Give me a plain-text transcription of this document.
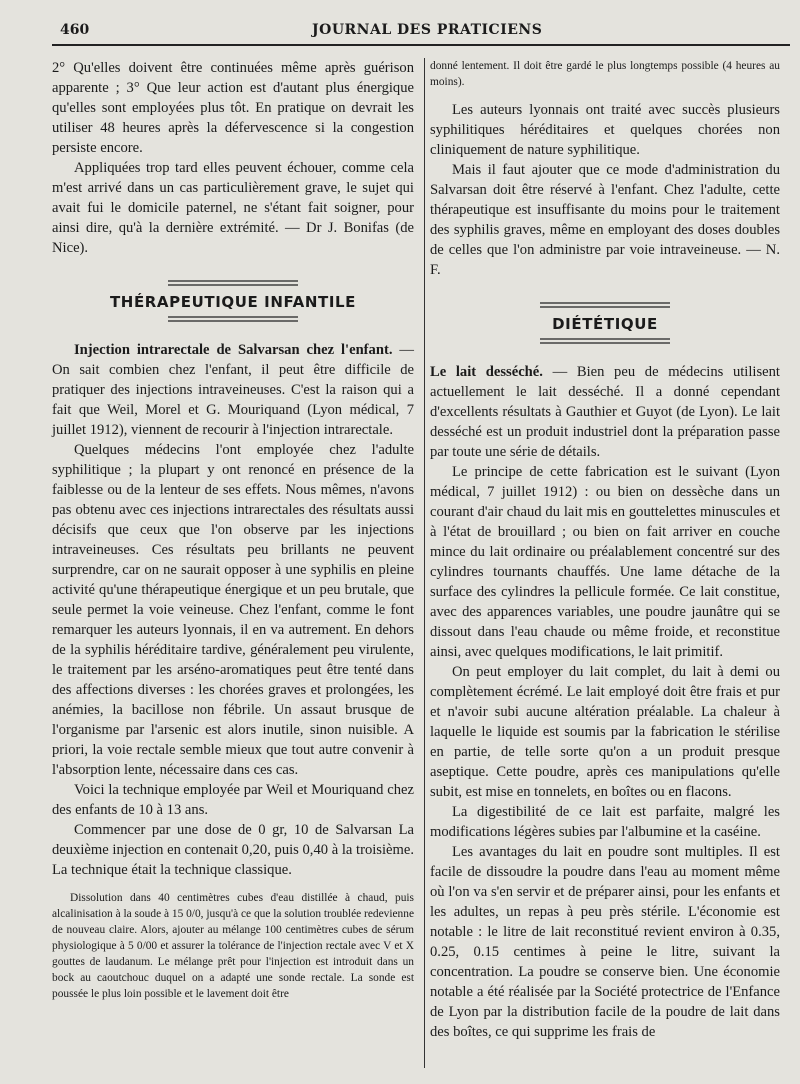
460	JOURNAL DES PRATICIENS

2° Qu'elles doivent être continuées même après guérison apparente ; 3° Que leur action est d'autant plus énergique qu'elles sont employées plus tôt. En pratique on devrait les utiliser 48 heures après la défervescence si la congestion persiste encore.

Appliquées trop tard elles peuvent échouer, comme cela m'est arrivé dans un cas particulièrement grave, le sujet qui avait fui le domicile paternel, ne s'étant fait soigner, pour ainsi dire, qu'à la dernière extrémité. — Dr J. Bonifas (de Nice).

THÉRAPEUTIQUE INFANTILE

Injection intrarectale de Salvarsan chez l'enfant. — On sait combien chez l'enfant, il peut être difficile de pratiquer des injections intraveineuses. C'est la raison qui a fait que Weil, Morel et G. Mouriquand (Lyon médical, 7 juillet 1912), viennent de recourir à l'injection intrarectale.

Quelques médecins l'ont employée chez l'adulte syphilitique ; la plupart y ont renoncé en présence de la faiblesse ou de la lenteur de ses effets. Nous mêmes, n'avons pas obtenu avec ces injections intrarectales des résultats aussi décisifs que ceux que l'on observe par les injections intraveineuses. Ces résultats peu brillants ne peuvent surprendre, car on ne saurait opposer à une syphilis en pleine activité qu'une thérapeutique énergique et un peu brutale, que seule permet la voie veineuse. Chez l'enfant, comme le font remarquer les auteurs lyonnais, il en va autrement. En dehors de la syphilis héréditaire tardive, généralement peu virulente, le traitement par les arséno-aromatiques peut être tenté dans des affections diverses : les chorées graves et prolongées, les anémies, la bacillose non fébrile. Un assaut brusque de l'organisme par l'arsenic est alors inutile, sinon nuisible. A priori, la voie rectale semble mieux que tout autre convenir à l'absorption lente, nécessaire dans ces cas.

Voici la technique employée par Weil et Mouriquand chez des enfants de 10 à 13 ans.

Commencer par une dose de 0 gr, 10 de Salvarsan La deuxième injection en contenait 0,20, puis 0,40 à la troisième. La technique était la technique classique.

Dissolution dans 40 centimètres cubes d'eau distillée à chaud, puis alcalinisation à la soude à 15 0/0, jusqu'à ce que la solution troublée redevienne de nouveau claire. Alors, ajouter au mélange 100 centimètres cubes de sérum physiologique à 5 0/00 et assurer la tolérance de l'injection rectale avec V et X gouttes de laudanum. Le mélange prêt pour l'injection est introduit dans un bock au caoutchouc duquel on a adapté une sonde rectale. La sonde est poussée le plus loin possible et le lavement doit être

donné lentement. Il doit être gardé le plus longtemps possible (4 heures au moins).

Les auteurs lyonnais ont traité avec succès plusieurs syphilitiques héréditaires et quelques chorées non cliniquement de nature syphilitique.

Mais il faut ajouter que ce mode d'administration du Salvarsan doit être réservé à l'enfant. Chez l'adulte, cette thérapeutique est insuffisante du moins pour le traitement des syphilis graves, même en employant des doses doubles de celles que l'on administre par voie intraveineuse. — N. F.

DIÉTÉTIQUE

Le lait desséché. — Bien peu de médecins utilisent actuellement le lait desséché. Il a donné cependant d'excellents résultats à Gauthier et Guyot (de Lyon). Le lait desséché est un produit industriel dont la préparation passe par toute une série de détails.

Le principe de cette fabrication est le suivant (Lyon médical, 7 juillet 1912) : ou bien on dessèche dans un courant d'air chaud du lait mis en gouttelettes minuscules et à l'état de brouillard ; ou bien on fait arriver en couche mince du lait ordinaire ou préalablement concentré sur des cylindres tournants chauffés. Une lame détache de la surface des cylindres la pellicule formée. Ce lait constitue, avec des apparences variables, une poudre jaunâtre qui se dissout dans l'eau chaude ou même froide, et reconstitue ainsi, avec quelques modifications, le lait primitif.

On peut employer du lait complet, du lait à demi ou complètement écrémé. Le lait employé doit être frais et pur et n'avoir subi aucune altération préalable. La chaleur à laquelle le liquide est soumis par la fabrication le stérilise en partie, de telle sorte qu'on a un produit presque aseptique. Cette poudre, après ces manipulations qu'elle subit, est mise en tonnelets, en boîtes ou en flacons.

La digestibilité de ce lait est parfaite, malgré les modifications légères subies par l'albumine et la caséine.

Les avantages du lait en poudre sont multiples. Il est facile de dissoudre la poudre dans l'eau au moment même où l'on va s'en servir et de préparer ainsi, pour les enfants et les adultes, un repas à peu près stérile. L'économie est notable : le litre de lait reconstitué revient environ à 0.35, 0.25, 0.15 centimes à peine le litre, suivant la concentration. La poudre se conserve bien. Une économie notable a été réalisée par la Société protectrice de l'Enfance de Lyon par la distribution facile de la poudre de lait dans des boîtes, ce qui supprime les frais de
